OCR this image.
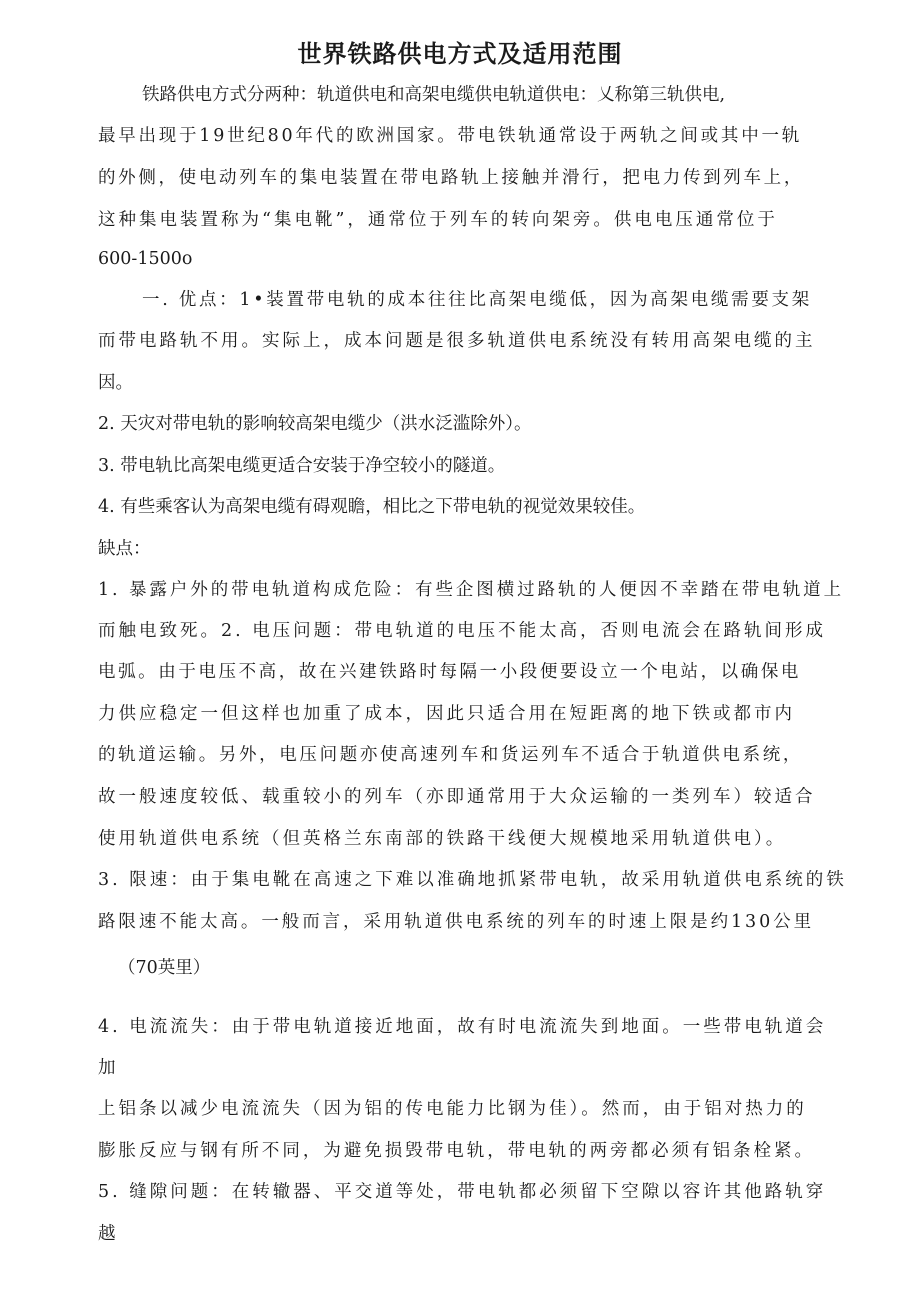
世界铁路供电方式及适用范围
铁路供电方式分两种：轨道供电和高架电缆供电轨道供电：乂称第三轨供电,
最早出现于19世纪80年代的欧洲国家。带电铁轨通常设于两轨之间或其中一轨
的外侧，使电动列车的集电装置在带电路轨上接触并滑行，把电力传到列车上，
这种集电装置称为“集电靴”，通常位于列车的转向架旁。供电电压通常位于
600-1500o
一. 优点：1•装置带电轨的成本往往比高架电缆低，因为高架电缆需要支架
而带电路轨不用。实际上，成本问题是很多轨道供电系统没有转用高架电缆的主
因。
2. 天灾对带电轨的影响较高架电缆少（洪水泛滥除外）。
3. 带电轨比高架电缆更适合安装于净空较小的隧道。
4. 有些乘客认为高架电缆有碍观瞻，相比之下带电轨的视觉效果较佳。
缺点：
1. 暴露户外的带电轨道构成危险：有些企图横过路轨的人便因不幸踏在带电轨道上
而触电致死。2. 电压问题：带电轨道的电压不能太高，否则电流会在路轨间形成
电弧。由于电压不高，故在兴建铁路时每隔一小段便要设立一个电站，以确保电
力供应稳定一但这样也加重了成本，因此只适合用在短距离的地下铁或都市内
的轨道运输。另外，电压问题亦使高速列车和货运列车不适合于轨道供电系统，
故一般速度较低、载重较小的列车（亦即通常用于大众运输的一类列车）较适合
使用轨道供电系统（但英格兰东南部的铁路干线便大规模地采用轨道供电）。
3. 限速：由于集电靴在高速之下难以准确地抓紧带电轨，故采用轨道供电系统的铁
路限速不能太高。一般而言，采用轨道供电系统的列车的时速上限是约130公里
（70英里）
4. 电流流失：由于带电轨道接近地面，故有时电流流失到地面。一些带电轨道会
加
上铝条以减少电流流失（因为铝的传电能力比钢为佳）。然而，由于铝对热力的
膨胀反应与钢有所不同，为避免损毁带电轨，带电轨的两旁都必须有铝条栓紧。
5. 缝隙问题：在转辙器、平交道等处，带电轨都必须留下空隙以容许其他路轨穿
越
